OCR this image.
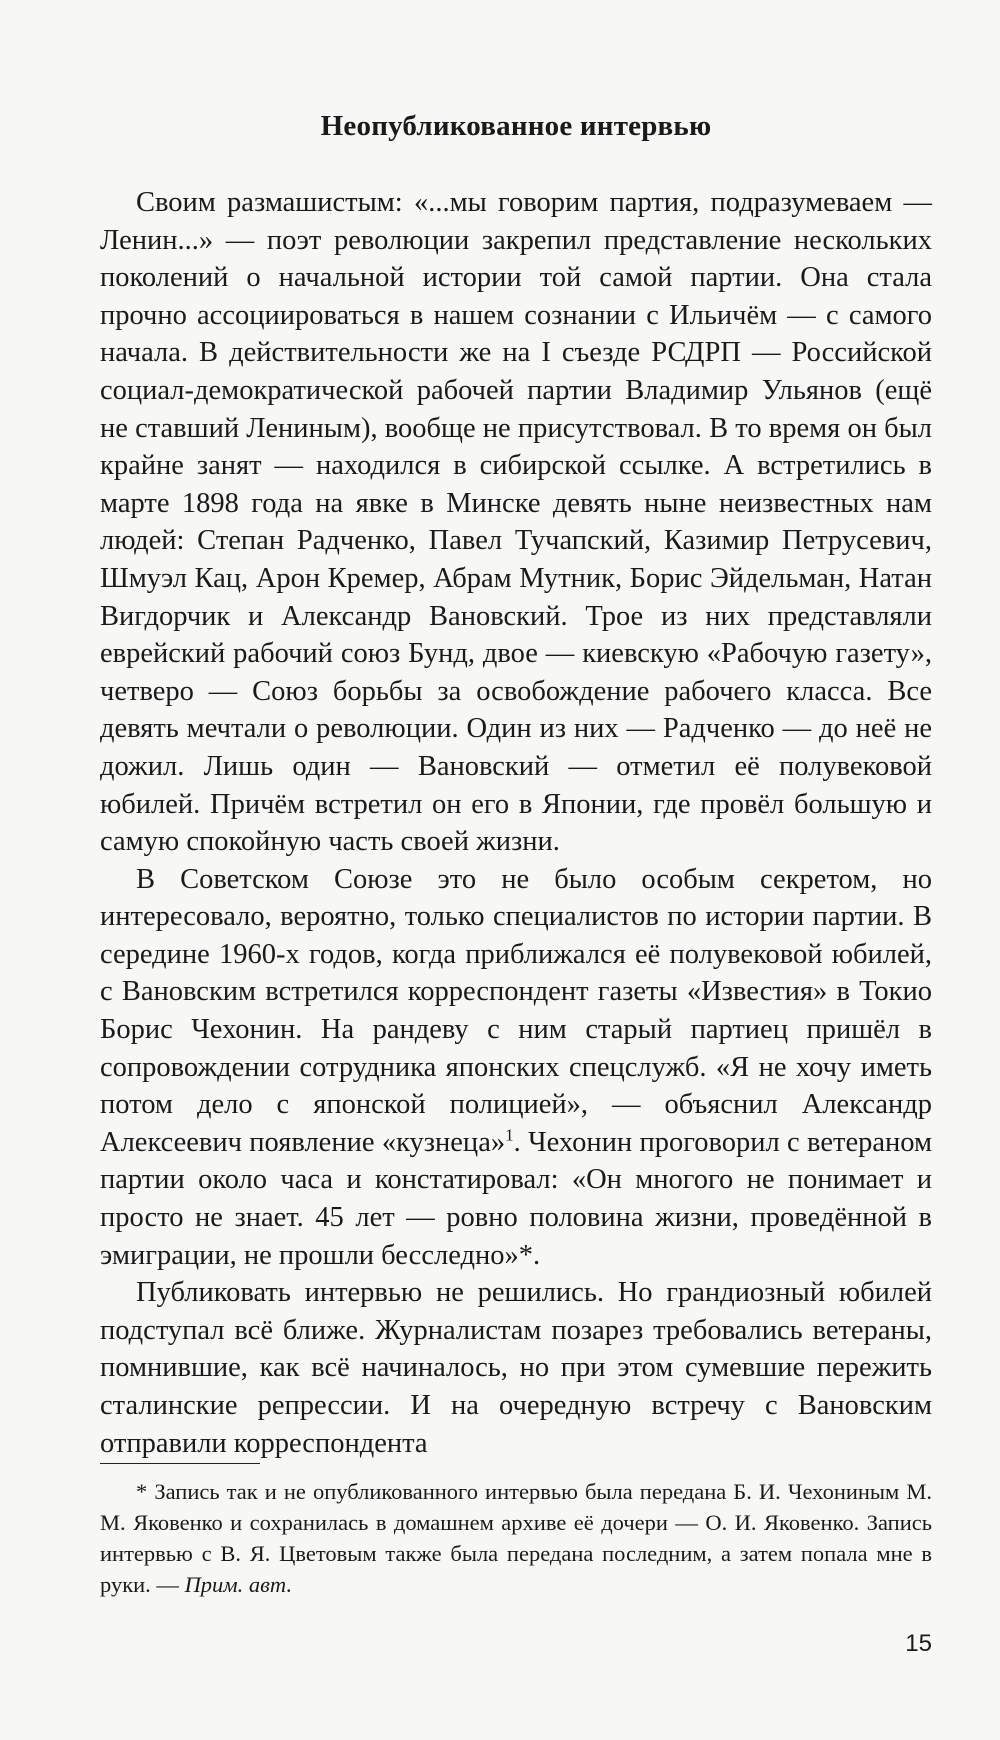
Неопубликованное интервью

Своим размашистым: «...мы говорим партия, подразумеваем — Ленин...» — поэт революции закрепил представление нескольких поколений о начальной истории той самой партии. Она стала прочно ассоциироваться в нашем сознании с Ильичём — с самого начала. В действительности же на I съезде РСДРП — Российской социал-демократической рабочей партии Владимир Ульянов (ещё не ставший Лениным), вообще не присутствовал. В то время он был крайне занят — находился в сибирской ссылке. А встретились в марте 1898 года на явке в Минске девять ныне неизвестных нам людей: Степан Радченко, Павел Тучапский, Казимир Петрусевич, Шмуэл Кац, Арон Кремер, Абрам Мутник, Борис Эйдельман, Натан Вигдорчик и Александр Вановский. Трое из них представляли еврейский рабочий союз Бунд, двое — киевскую «Рабочую газету», четверо — Союз борьбы за освобождение рабочего класса. Все девять мечтали о революции. Один из них — Радченко — до неё не дожил. Лишь один — Вановский — отметил её полувековой юбилей. Причём встретил он его в Японии, где провёл большую и самую спокойную часть своей жизни.

В Советском Союзе это не было особым секретом, но интересовало, вероятно, только специалистов по истории партии. В середине 1960-х годов, когда приближался её полувековой юбилей, с Вановским встретился корреспондент газеты «Известия» в Токио Борис Чехонин. На рандеву с ним старый партиец пришёл в сопровождении сотрудника японских спецслужб. «Я не хочу иметь потом дело с японской полицией», — объяснил Александр Алексеевич появление «кузнеца»$^1$. Чехонин проговорил с ветераном партии около часа и констатировал: «Он многого не понимает и просто не знает. 45 лет — ровно половина жизни, проведённой в эмиграции, не прошли бесследно»*.

Публиковать интервью не решились. Но грандиозный юбилей подступал всё ближе. Журналистам позарез требовались ветераны, помнившие, как всё начиналось, но при этом сумевшие пережить сталинские репрессии. И на очередную встречу с Вановским отправили корреспондента

* Запись так и не опубликованного интервью была передана Б. И. Чехониным М. М. Яковенко и сохранилась в домашнем архиве её дочери — О. И. Яковенко. Запись интервью с В. Я. Цветовым также была передана последним, а затем попала мне в руки. — Прим. авт.

15
